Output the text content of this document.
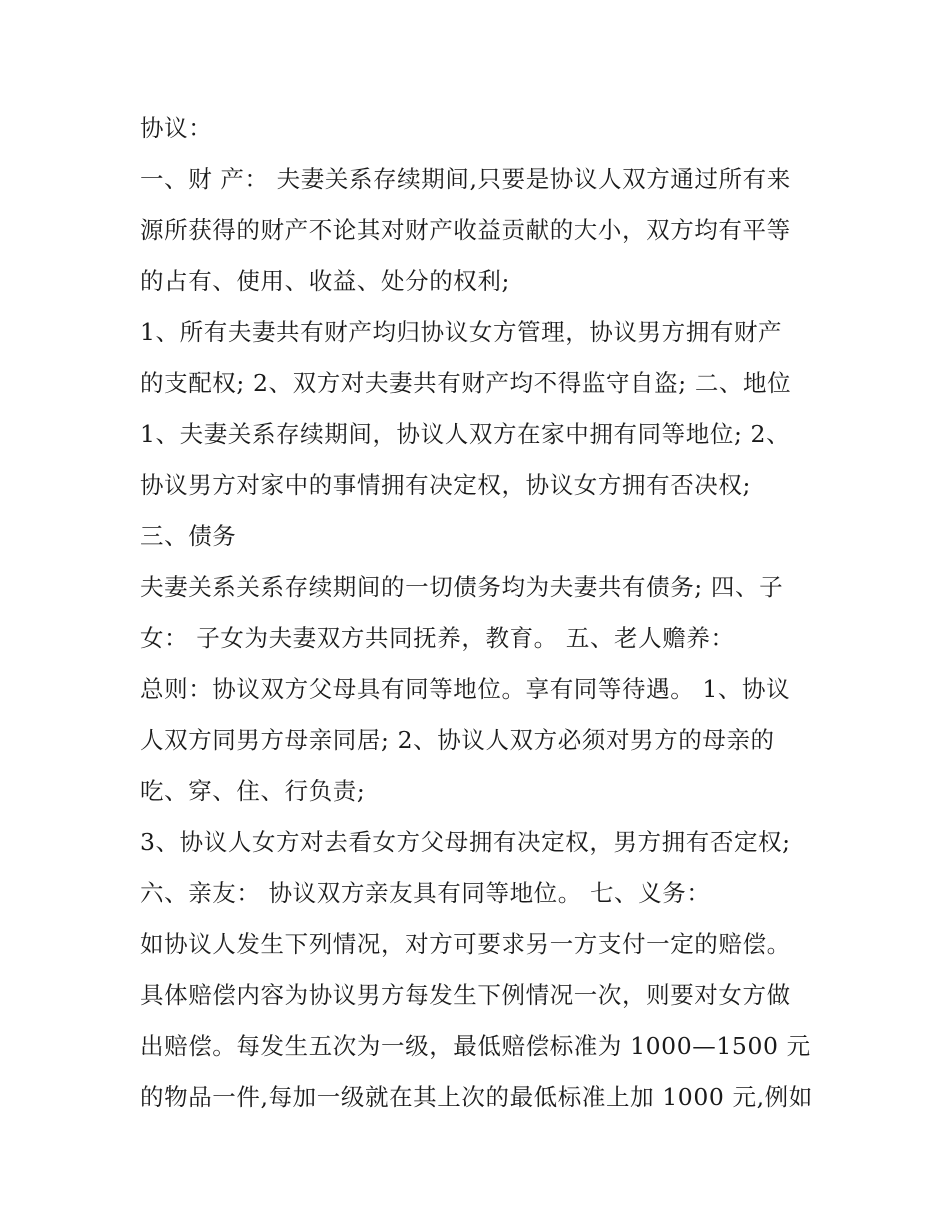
协议：
一、财 产： 夫妻关系存续期间,只要是协议人双方通过所有来
源所获得的财产不论其对财产收益贡献的大小，双方均有平等
的占有、使用、收益、处分的权利;
1、所有夫妻共有财产均归协议女方管理，协议男方拥有财产
的支配权; 2、双方对夫妻共有财产均不得监守自盗; 二、地位
1、夫妻关系存续期间，协议人双方在家中拥有同等地位; 2、
协议男方对家中的事情拥有决定权，协议女方拥有否决权;
三、债务
夫妻关系关系存续期间的一切债务均为夫妻共有债务; 四、子
女： 子女为夫妻双方共同抚养，教育。 五、老人赡养：
总则：协议双方父母具有同等地位。享有同等待遇。 1、协议
人双方同男方母亲同居; 2、协议人双方必须对男方的母亲的
吃、穿、住、行负责;
3、协议人女方对去看女方父母拥有决定权，男方拥有否定权;
六、亲友： 协议双方亲友具有同等地位。 七、义务：
如协议人发生下列情况，对方可要求另一方支付一定的赔偿。
具体赔偿内容为协议男方每发生下例情况一次，则要对女方做
出赔偿。每发生五次为一级，最低赔偿标准为 1000—1500 元
的物品一件,每加一级就在其上次的最低标准上加 1000 元,例如
